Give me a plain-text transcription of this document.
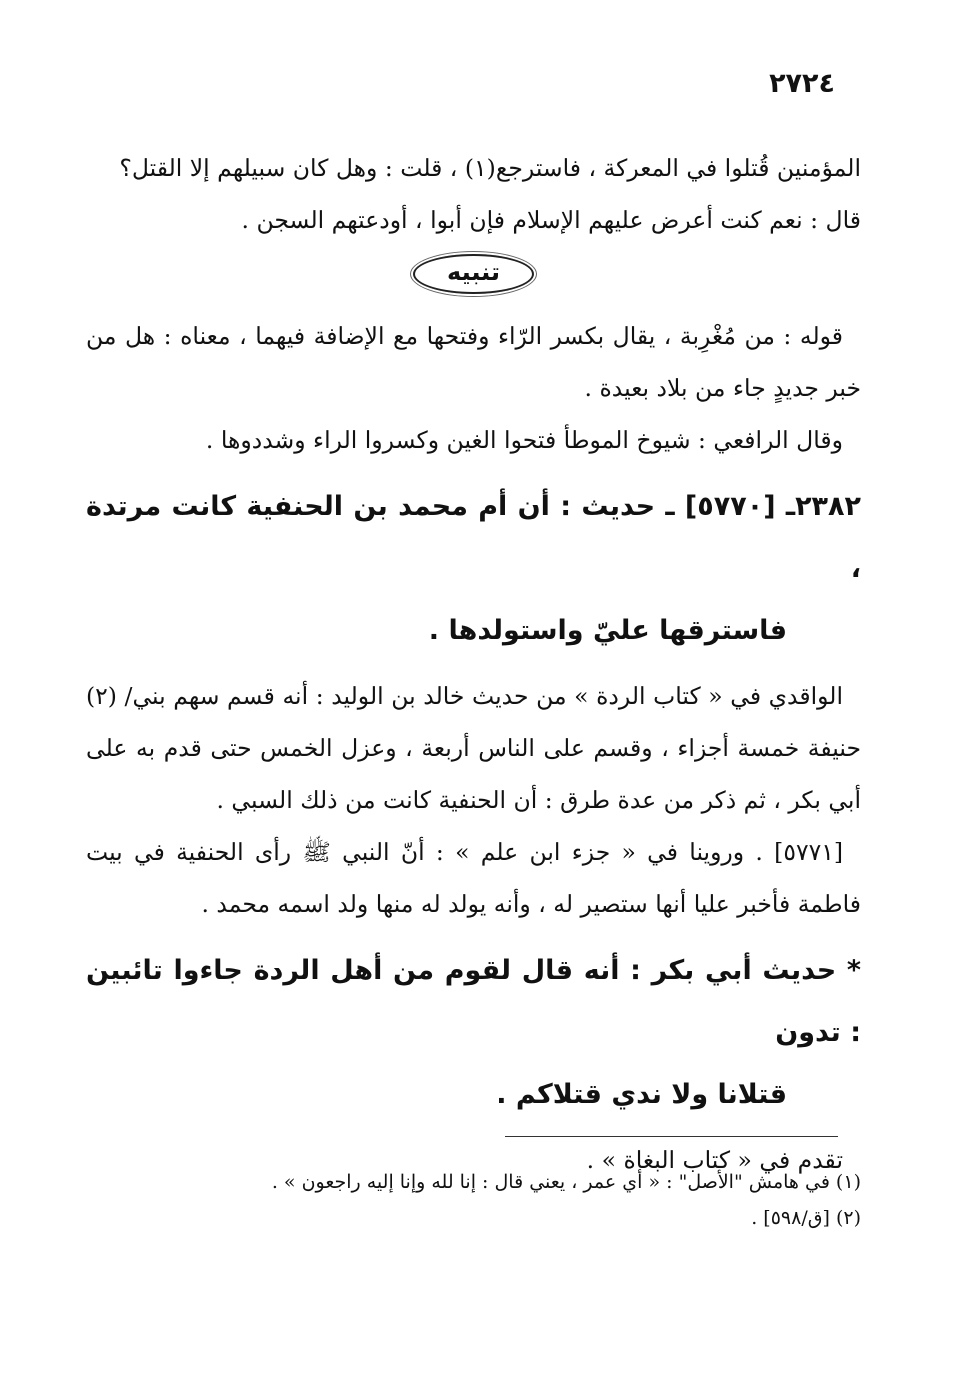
٢٧٢٤

المؤمنين قُتلوا في المعركة ، فاسترجع(١) ، قلت : وهل كان سبيلهم إلا القتل؟

قال : نعم كنت أعرض عليهم الإسلام فإن أبوا ، أودعتهم السجن .

تنبيه

قوله : من مُغْرِبة ، يقال بكسر الرّاء وفتحها مع الإضافة فيهما ، معناه : هل من خبر جديدٍ جاء من بلاد بعيدة .

وقال الرافعي : شيوخ الموطأ فتحوا الغين وكسروا الراء وشددوها .

٢٣٨٢ـ [٥٧٧٠] ـ حديث : أن أم محمد بن الحنفية كانت مرتدة ،
فاسترقها عليّ واستولدها .

الواقدي في « كتاب الردة » من حديث خالد بن الوليد : أنه قسم سهم بني/ (٢) حنيفة خمسة أجزاء ، وقسم على الناس أربعة ، وعزل الخمس حتى قدم به على أبي بكر ، ثم ذكر من عدة طرق : أن الحنفية كانت من ذلك السبي .

[٥٧٧١] . وروينا في « جزء ابن علم » : أنّ النبي ﷺ رأى الحنفية في بيت فاطمة فأخبر عليا أنها ستصير له ، وأنه يولد له منها ولد اسمه محمد .

* حديث أبي بكر : أنه قال لقوم من أهل الردة جاءوا تائبين : تدون
قتلانا ولا ندي قتلاكم .

تقدم في « كتاب البغاة » .

(١) في هامش "الأصل" : « أي عمر ، يعني قال : إنا لله وإنا إليه راجعون » .

(٢) [ق/٥٩٨] .
